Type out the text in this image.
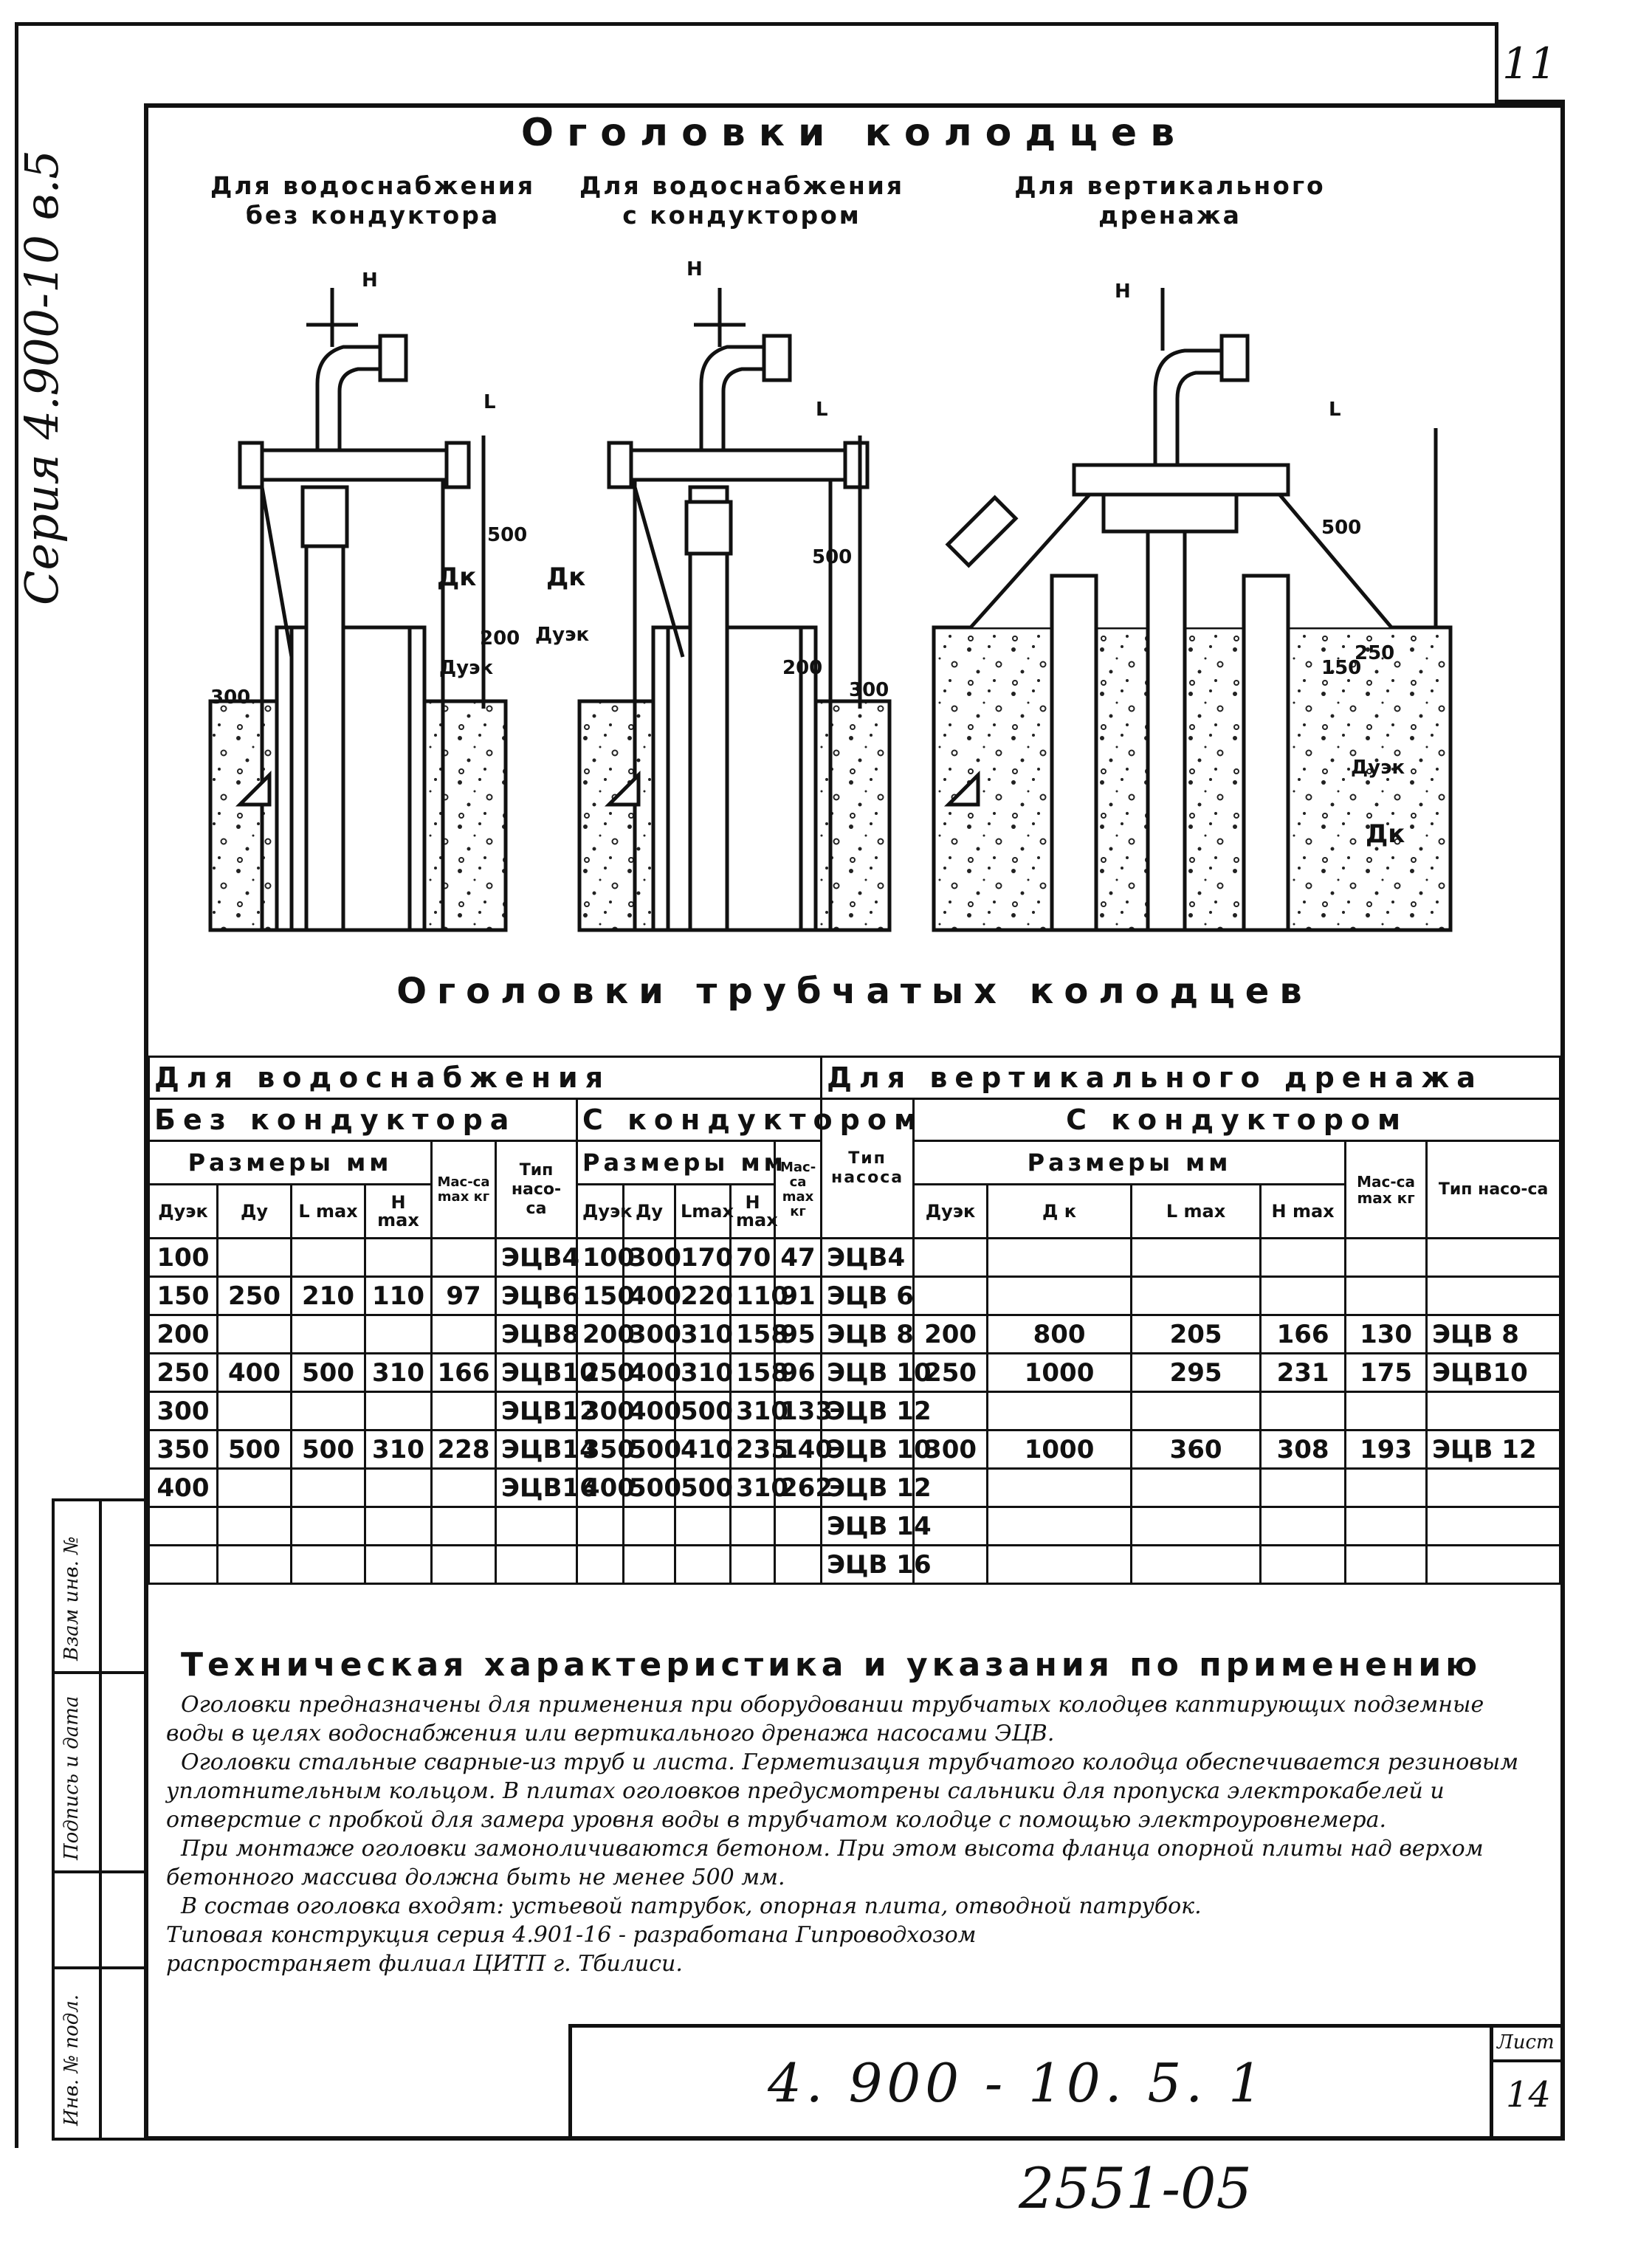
11
Серия 4.900-10 в.5
Взам инв. №
Подпись и дата
Инв. № подл.
Оголовки колодцев
Для водоснабжения без кондуктора
Для водоснабжения с кондуктором
Для вертикального дренажа
Н	Н
Н
L	L	L
500
500
500
200
200
300	300
150
250
Дк	Дк
Дк
Дуэк
Дуэк
Дуэк
Оголовки трубчатых колодцев
Для водоснабжения											Для вертикального дренажа						
Без кондуктора						С кондуктором					Тип насоса	С кондуктором					
Размеры мм				Мас-са max кг	Тип насо-са	Размеры мм				Мас-са max кг		Размеры мм				Мас-са max кг	Тип насо-са
Дуэк	Ду	L max	H max			Дуэк	Ду	Lmax	H max			Дуэк	Д к	L max	H max		
100					ЭЦВ4	100	300	170	70	47	ЭЦВ4						
150	250	210	110	97	ЭЦВ6	150	400	220	110	91	ЭЦВ 6						
200					ЭЦВ8	200	300	310	158	95	ЭЦВ 8	200	800	205	166	130	ЭЦВ 8
250	400	500	310	166	ЭЦВ10	250	400	310	158	96	ЭЦВ 10	250	1000	295	231	175	ЭЦВ10
300					ЭЦВ12	300	400	500	310	133	ЭЦВ 12						
350	500	500	310	228	ЭЦВ14	350	500	410	235	140	ЭЦВ 10	300	1000	360	308	193	ЭЦВ 12
400					ЭЦВ16	400	500	500	310	262	ЭЦВ 12						
											ЭЦВ 14						
											ЭЦВ 16						
Техническая характеристика и указания по применению
Оголовки предназначены для применения при оборудовании трубчатых колодцев каптирующих подземные воды в целях водоснабжения или вертикального дренажа насосами ЭЦВ.
Оголовки стальные сварные-из труб и листа. Герметизация трубчатого колодца обеспечивается резиновым уплотнительным кольцом. В плитах оголовков предусмотрены сальники для пропуска электрокабелей и отверстие с пробкой для замера уровня воды в трубчатом колодце с помощью электроуровнемера.
При монтаже оголовки замоноличиваются бетоном. При этом высота фланца опорной плиты над верхом бетонного массива должна быть не менее 500 мм.
В состав оголовка входят: устьевой патрубок, опорная плита, отводной патрубок.
Типовая конструкция серия 4.901-16 - разработана Гипроводхозом
распространяет филиал ЦИТП г. Тбилиси.
4. 900 - 10. 5. 1
Лист
14
2551-05
